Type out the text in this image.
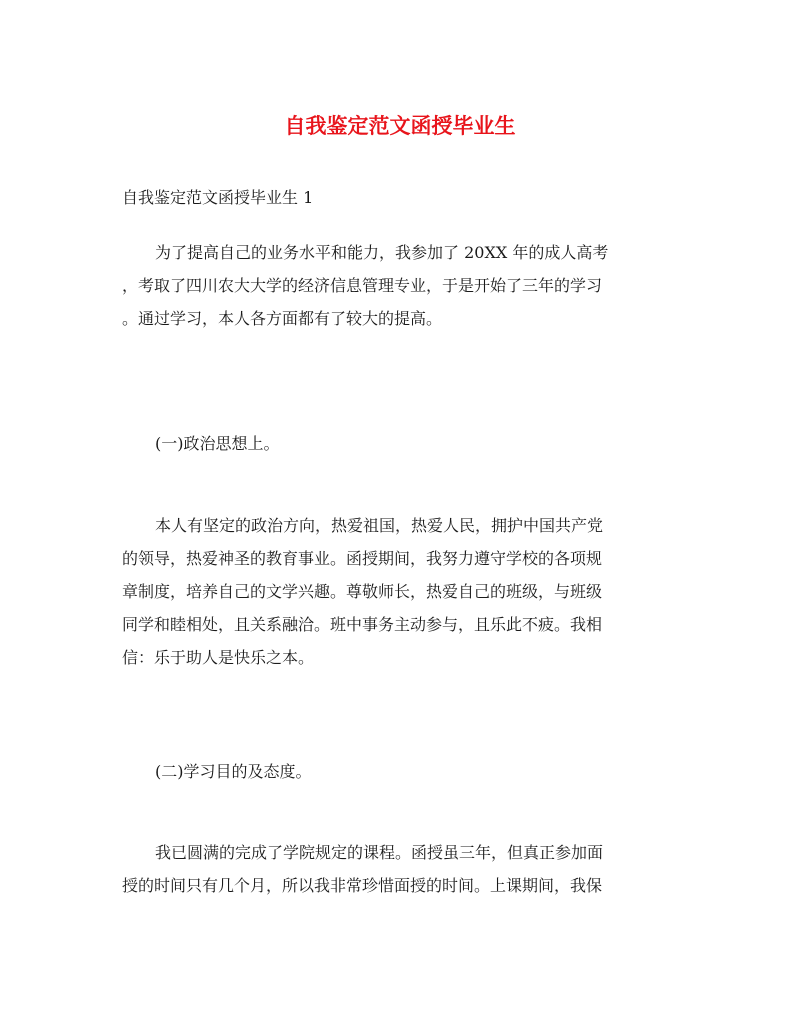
自我鉴定范文函授毕业生
自我鉴定范文函授毕业生 1
为了提高自己的业务水平和能力，我参加了 20XX 年的成人高考
，考取了四川农大大学的经济信息管理专业，于是开始了三年的学习
。通过学习，本人各方面都有了较大的提高。
(一)政治思想上。
本人有坚定的政治方向，热爱祖国，热爱人民，拥护中国共产党
的领导，热爱神圣的教育事业。函授期间，我努力遵守学校的各项规
章制度，培养自己的文学兴趣。尊敬师长，热爱自己的班级，与班级
同学和睦相处，且关系融洽。班中事务主动参与，且乐此不疲。我相
信：乐于助人是快乐之本。
(二)学习目的及态度。
我已圆满的完成了学院规定的课程。函授虽三年，但真正参加面
授的时间只有几个月，所以我非常珍惜面授的时间。上课期间，我保
